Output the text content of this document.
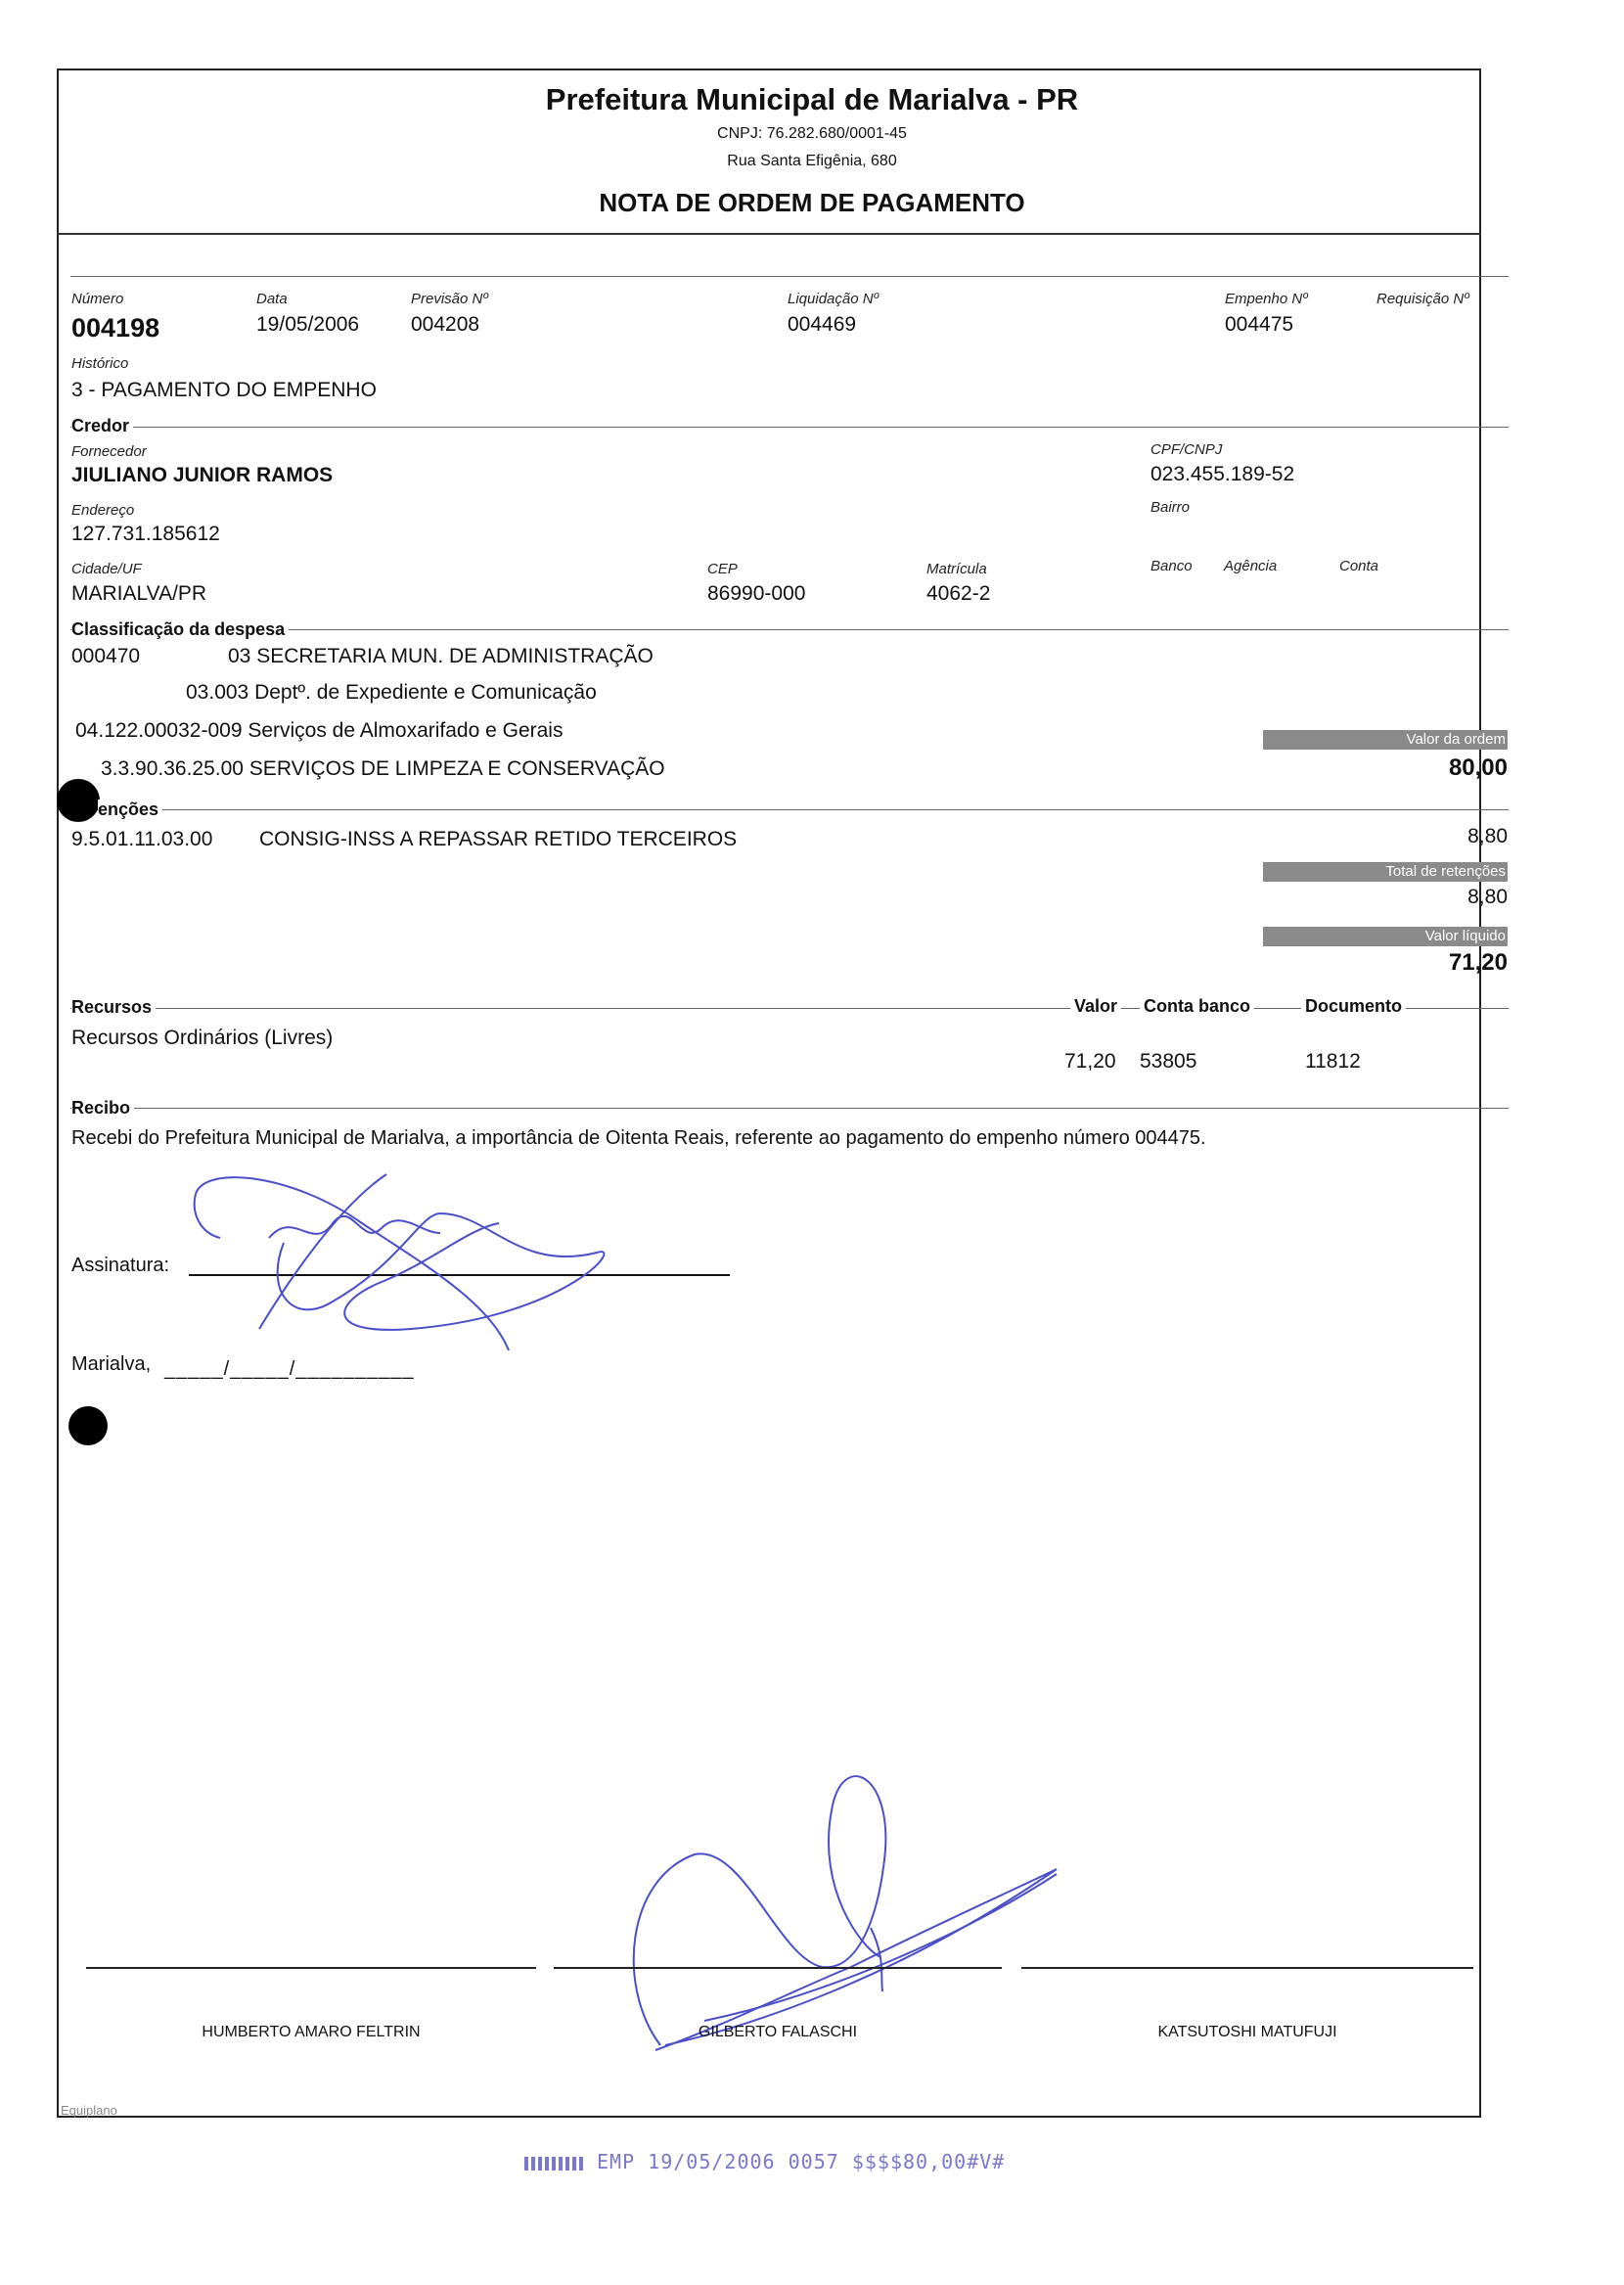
Prefeitura Municipal de Marialva - PR
CNPJ: 76.282.680/0001-45
Rua Santa Efigênia, 680
NOTA DE ORDEM DE PAGAMENTO
Número
004198
Data
19/05/2006
Previsão Nº
004208
Liquidação Nº
004469
Empenho Nº
004475
Requisição Nº
Histórico
3 - PAGAMENTO DO EMPENHO
Credor
Fornecedor
JIULIANO JUNIOR RAMOS
CPF/CNPJ
023.455.189-52
Endereço
127.731.185612
Bairro
Cidade/UF
MARIALVA/PR
CEP
86990-000
Matrícula
4062-2
Banco Agência	Conta
Classificação da despesa
000470	03 SECRETARIA MUN. DE ADMINISTRAÇÃO
03.003 Deptº. de Expediente e Comunicação
04.122.00032-009 Serviços de Almoxarifado e Gerais
3.3.90.36.25.00 SERVIÇOS DE LIMPEZA E CONSERVAÇÃO
Valor da ordem
80,00
enções
9.5.01.11.03.00 CONSIG-INSS A REPASSAR RETIDO TERCEIROS	8,80
Total de retenções
8,80
Valor líquido
71,20
Recursos	Valor Conta banco	Documento
Recursos Ordinários (Livres)
71,20 53805	11812
Recibo
Recebi do Prefeitura Municipal de Marialva, a importância de Oitenta Reais, referente ao pagamento do empenho número 004475.
Assinatura:
Marialva, _____/_____/__________
HUMBERTO AMARO FELTRIN	GILBERTO FALASCHI	KATSUTOSHI MATUFUJI
Equiplano
EMP 19/05/2006 0057 $$$$80,00#V#
